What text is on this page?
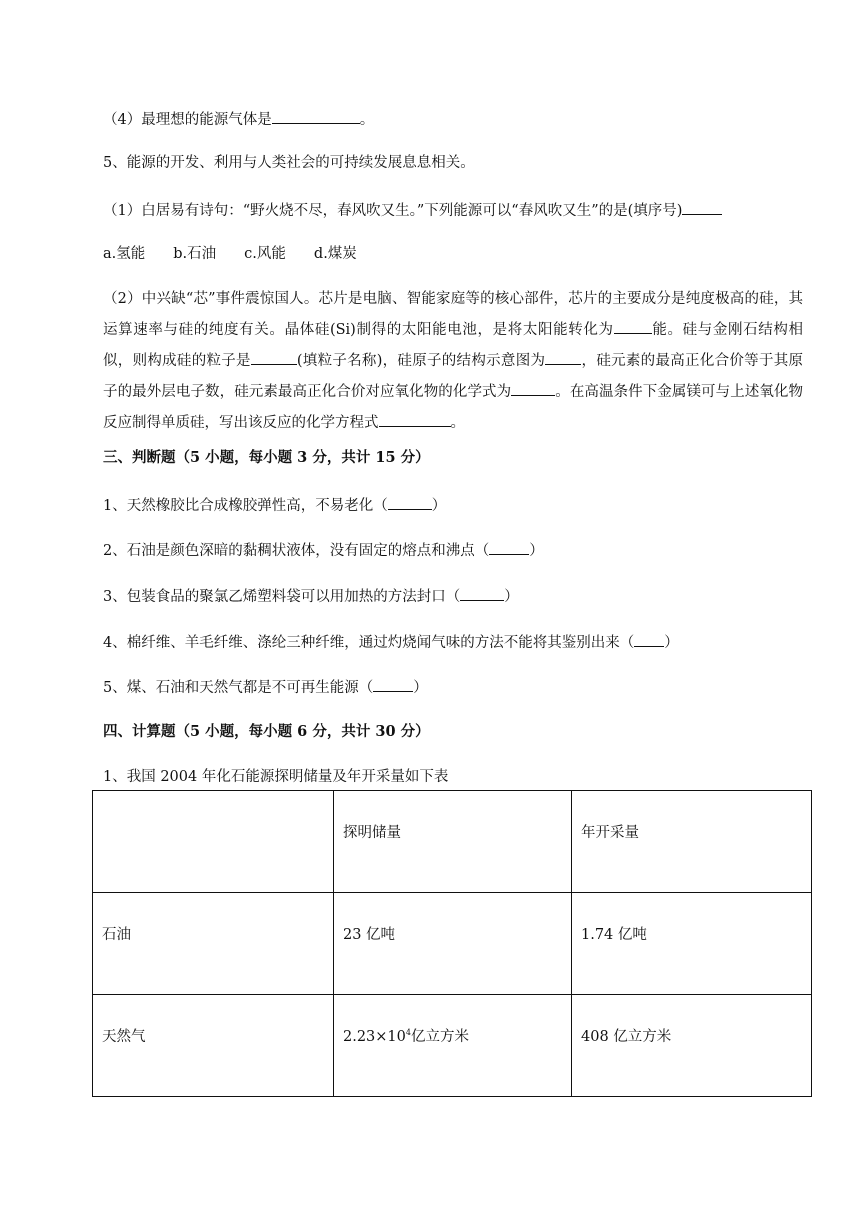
（4）最理想的能源气体是	。
5、能源的开发、利用与人类社会的可持续发展息息相关。
（1）白居易有诗句：“野火烧不尽，春风吹又生。”下列能源可以“春风吹又生”的是(填序号)
a.氢能 b.石油 c.风能 d.煤炭
（2）中兴缺“芯”事件震惊国人。芯片是电脑、智能家庭等的核心部件，芯片的主要成分是纯度极高的硅，其运算速率与硅的纯度有关。晶体硅(Si)制得的太阳能电池，是将太阳能转化为	能。硅与金刚石结构相似，则构成硅的粒子是	(填粒子名称)，硅原子的结构示意图为 ，硅元素的最高正化合价等于其原子的最外层电子数，硅元素最高正化合价对应氧化物的化学式为	。在高温条件下金属镁可与上述氧化物反应制得单质硅，写出该反应的化学方程式	。
三、判断题（5 小题，每小题 3 分，共计 15 分）
1、天然橡胶比合成橡胶弹性高，不易老化（	）
2、石油是颜色深暗的黏稠状液体，没有固定的熔点和沸点（	）
3、包装食品的聚氯乙烯塑料袋可以用加热的方法封口（	）
4、棉纤维、羊毛纤维、涤纶三种纤维，通过灼烧闻气味的方法不能将其鉴别出来（ ）
5、煤、石油和天然气都是不可再生能源（	）
四、计算题（5 小题，每小题 6 分，共计 30 分）
1、我国 2004 年化石能源探明储量及年开采量如下表
	探明储量	年开采量
石油	23 亿吨	1.74 亿吨
天然气	$2.23\times 10^4$亿立方米	408 亿立方米
